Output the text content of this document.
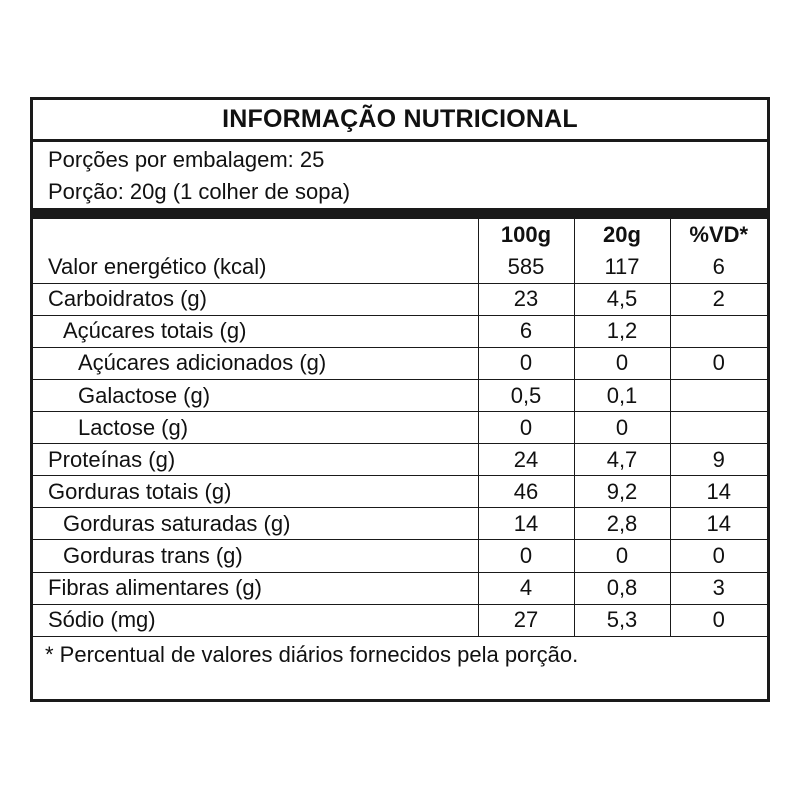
INFORMAÇÃO NUTRICIONAL
Porções por embalagem: 25
Porção: 20g (1 colher de sopa)
	100g	20g	%VD*
Valor energético (kcal)	585	117	6
Carboidratos (g)	23	4,5	2
Açúcares totais (g)	6	1,2	
Açúcares adicionados (g)	0	0	0
Galactose (g)	0,5	0,1	
Lactose (g)	0	0	
Proteínas (g)	24	4,7	9
Gorduras totais (g)	46	9,2	14
Gorduras saturadas (g)	14	2,8	14
Gorduras trans (g)	0	0	0
Fibras alimentares (g)	4	0,8	3
Sódio (mg)	27	5,3	0
* Percentual de valores diários fornecidos pela porção.
